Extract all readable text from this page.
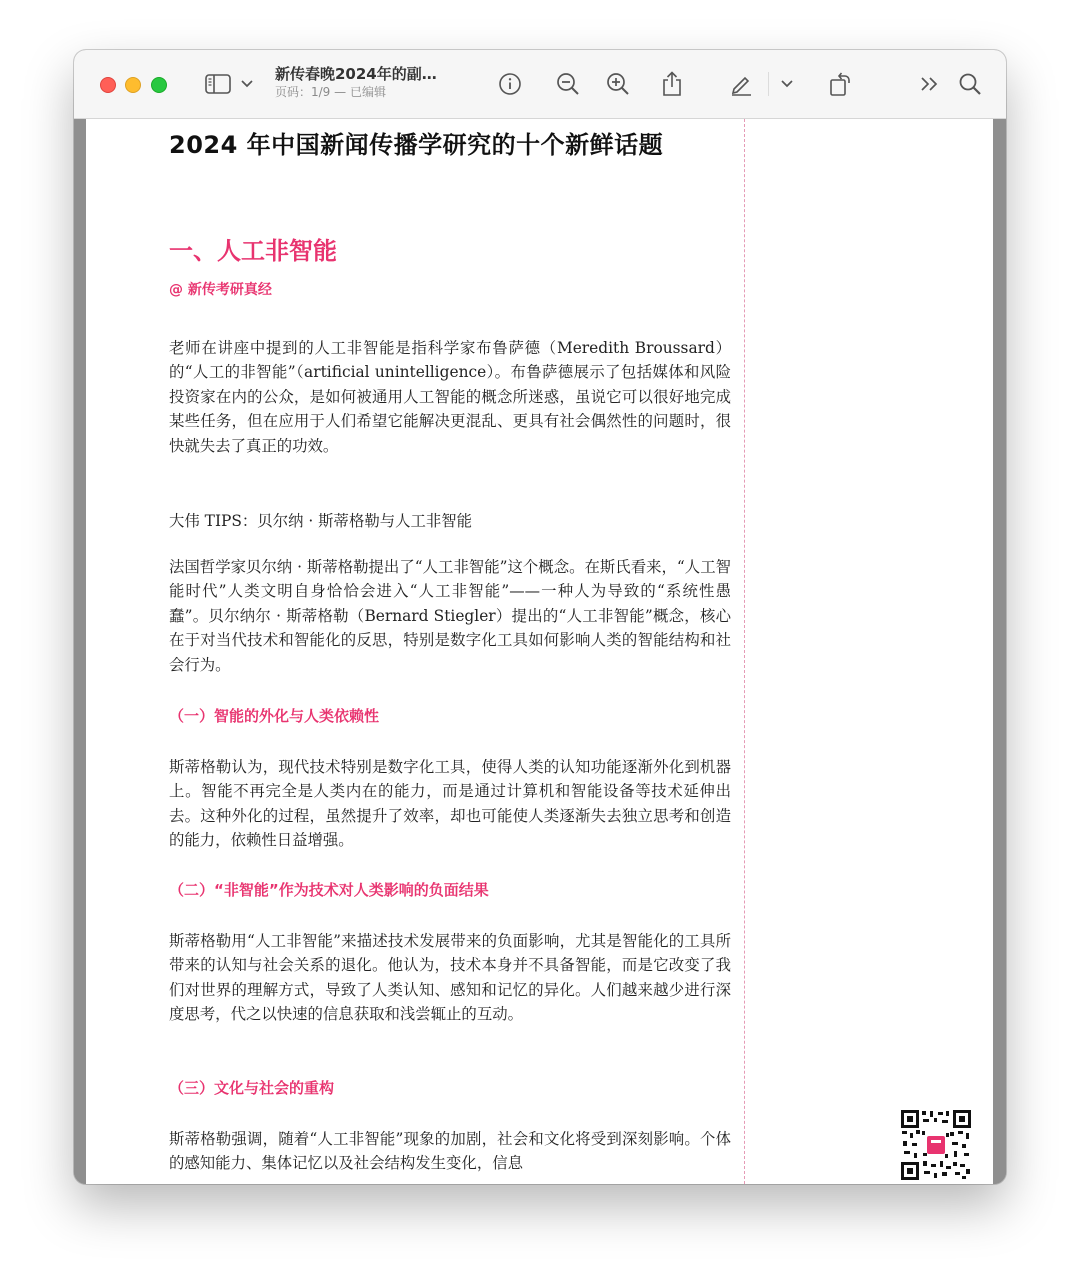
新传春晚2024年的副…
页码：1/9 — 已编辑
2024 年中国新闻传播学研究的十个新鲜话题
一、人工非智能
@ 新传考研真经
老师在讲座中提到的人工非智能是指科学家布鲁萨德（Meredith Broussard）的“人工的非智能”（artificial unintelligence）。布鲁萨德展示了包括媒体和风险投资家在内的公众，是如何被通用人工智能的概念所迷惑，虽说它可以很好地完成某些任务，但在应用于人们希望它能解决更混乱、更具有社会偶然性的问题时，很快就失去了真正的功效。
大伟 TIPS：贝尔纳 · 斯蒂格勒与人工非智能
法国哲学家贝尔纳 · 斯蒂格勒提出了“人工非智能”这个概念。在斯氏看来，“人工智能时代”人类文明自身恰恰会进入“人工非智能”——一种人为导致的“系统性愚蠢”。贝尔纳尔 · 斯蒂格勒（Bernard Stiegler）提出的“人工非智能”概念，核心在于对当代技术和智能化的反思，特别是数字化工具如何影响人类的智能结构和社会行为。
（一）智能的外化与人类依赖性
斯蒂格勒认为，现代技术特别是数字化工具，使得人类的认知功能逐渐外化到机器上。智能不再完全是人类内在的能力，而是通过计算机和智能设备等技术延伸出去。这种外化的过程，虽然提升了效率，却也可能使人类逐渐失去独立思考和创造的能力，依赖性日益增强。
（二）“非智能”作为技术对人类影响的负面结果
斯蒂格勒用“人工非智能”来描述技术发展带来的负面影响，尤其是智能化的工具所带来的认知与社会关系的退化。他认为，技术本身并不具备智能，而是它改变了我们对世界的理解方式，导致了人类认知、感知和记忆的异化。人们越来越少进行深度思考，代之以快速的信息获取和浅尝辄止的互动。
（三）文化与社会的重构
斯蒂格勒强调，随着“人工非智能”现象的加剧，社会和文化将受到深刻影响。个体的感知能力、集体记忆以及社会结构发生变化，信息
